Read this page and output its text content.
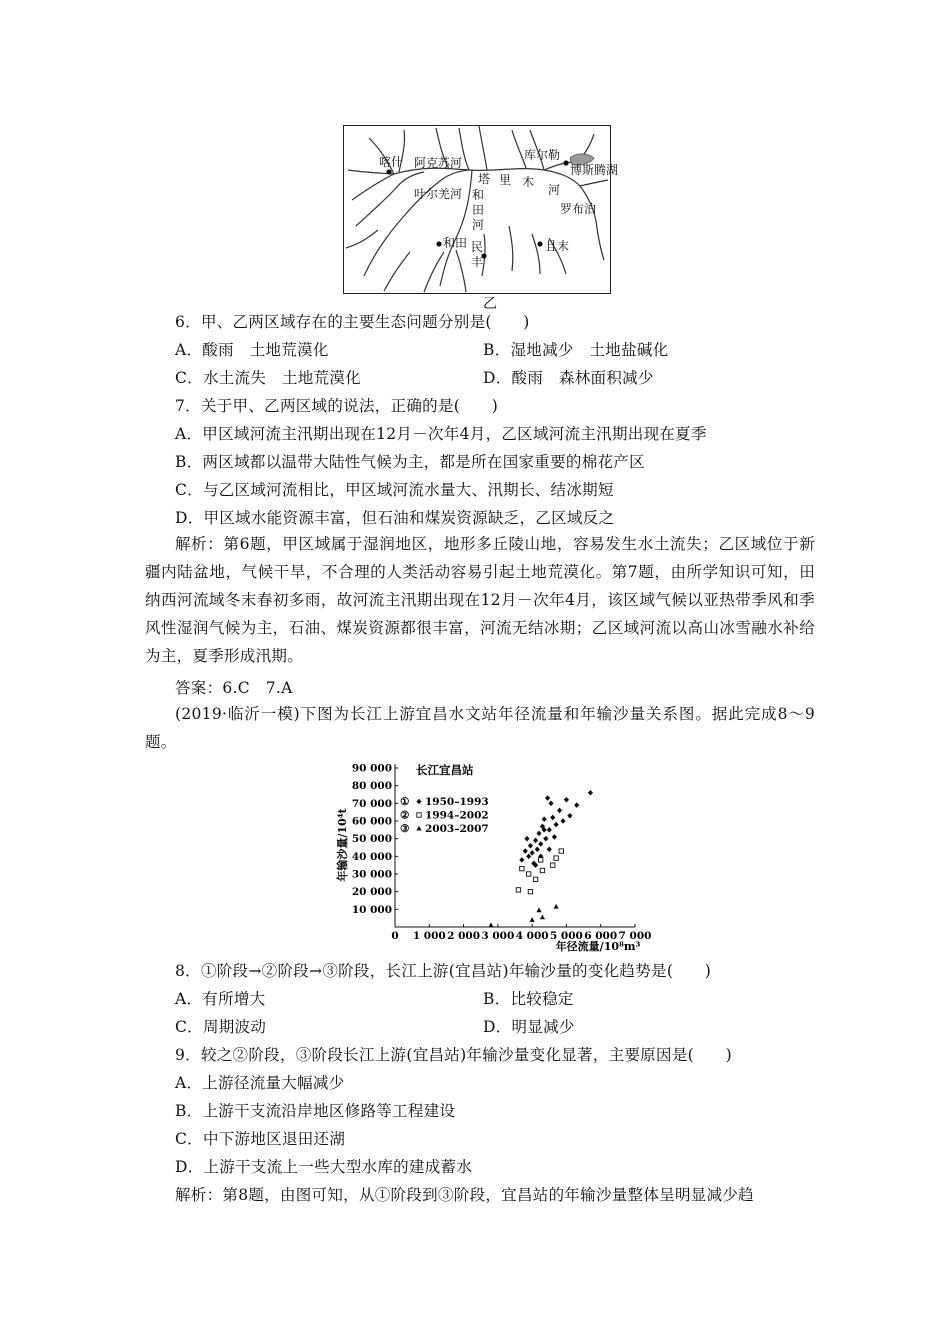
喀什 阿克苏河
库尔勒
博斯腾湖
叶尔羌河
塔 里 木
河
和田河
和田 民丰
且末
罗布泊
乙
6．甲、乙两区域存在的主要生态问题分别是(　　)
A．酸雨　土地荒漠化	B．湿地减少　土地盐碱化
C．水土流失　土地荒漠化	D．酸雨　森林面积减少
7．关于甲、乙两区域的说法，正确的是(　　)
A．甲区域河流主汛期出现在12月－次年4月，乙区域河流主汛期出现在夏季
B．两区域都以温带大陆性气候为主，都是所在国家重要的棉花产区
C．与乙区域河流相比，甲区域河流水量大、汛期长、结冰期短
D．甲区域水能资源丰富，但石油和煤炭资源缺乏，乙区域反之
解析：第6题，甲区域属于湿润地区，地形多丘陵山地，容易发生水土流失；乙区域位于新疆内陆盆地，气候干旱，不合理的人类活动容易引起土地荒漠化。第7题，由所学知识可知，田纳西河流域冬末春初多雨，故河流主汛期出现在12月－次年4月，该区域气候以亚热带季风和季风性湿润气候为主，石油、煤炭资源都很丰富，河流无结冰期；乙区域河流以高山冰雪融水补给为主，夏季形成汛期。
答案：6.C　7.A
(2019·临沂一模)下图为长江上游宜昌水文站年径流量和年输沙量关系图。据此完成8～9题。
0 1 000 2 000 3 000 4 000 5 000 6 000 7 000
10 000
20 000
30 000
40 000
50 000
60 000
70 000
80 000
90 000
① 1950–1993
② 1994–2002
③ 2003–2007
长江宜昌站
年输沙量/10⁴t
年径流量/10⁸m³
8．①阶段→②阶段→③阶段，长江上游(宜昌站)年输沙量的变化趋势是(　　)
A．有所增大	B．比较稳定
C．周期波动	D．明显减少
9．较之②阶段，③阶段长江上游(宜昌站)年输沙量变化显著，主要原因是(　　)
A．上游径流量大幅减少
B．上游干支流沿岸地区修路等工程建设
C．中下游地区退田还湖
D．上游干支流上一些大型水库的建成蓄水
解析：第8题，由图可知，从①阶段到③阶段，宜昌站的年输沙量整体呈明显减少趋
